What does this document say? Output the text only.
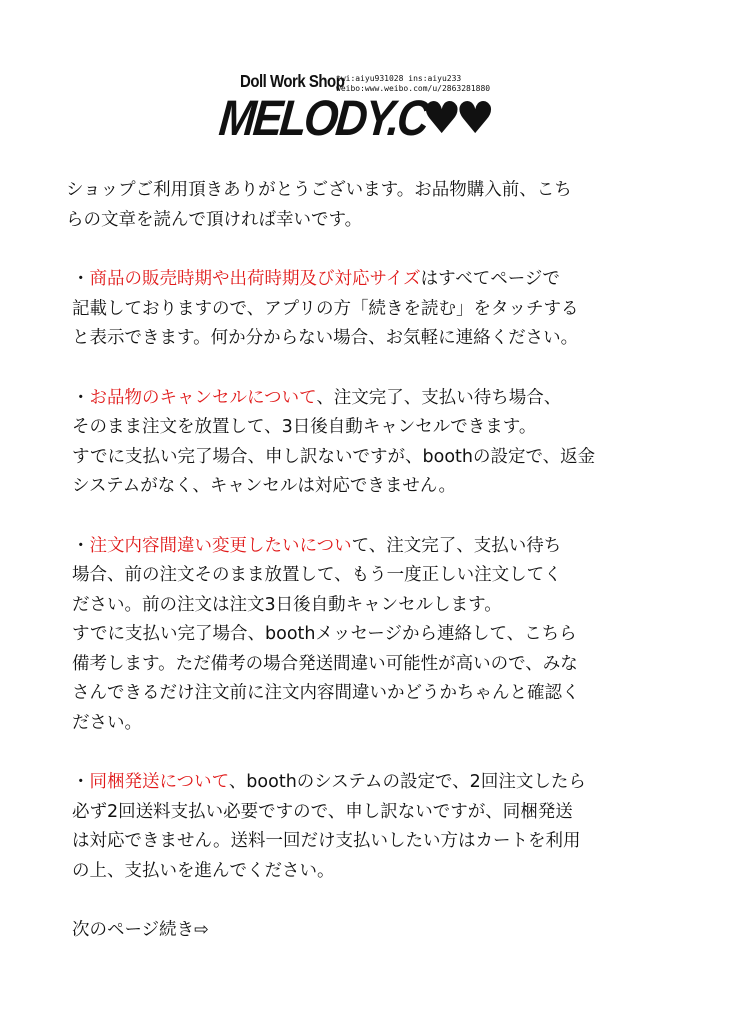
Doll Work Shop
twi:aiyu931028 ins:aiyu233
weibo:www.weibo.com/u/2863281880
MELODY.C
♥♥

ショップご利用頂きありがとうございます。お品物購入前、こち
らの文章を読んで頂ければ幸いです。

・商品の販売時期や出荷時期及び対応サイズはすべてページで
記載しておりますので、アプリの方「続きを読む」をタッチする
と表示できます。何か分からない場合、お気軽に連絡ください。

・お品物のキャンセルについて、注文完了、支払い待ち場合、
そのまま注文を放置して、3日後自動キャンセルできます。
すでに支払い完了場合、申し訳ないですが、boothの設定で、返金
システムがなく、キャンセルは対応できません。

・注文内容間違い変更したいについて、注文完了、支払い待ち
場合、前の注文そのまま放置して、もう一度正しい注文してく
ださい。前の注文は注文3日後自動キャンセルします。
すでに支払い完了場合、boothメッセージから連絡して、こちら
備考します。ただ備考の場合発送間違い可能性が高いので、みな
さんできるだけ注文前に注文内容間違いかどうかちゃんと確認く
ださい。

・同梱発送について、boothのシステムの設定で、2回注文したら
必ず2回送料支払い必要ですので、申し訳ないですが、同梱発送
は対応できません。送料一回だけ支払いしたい方はカートを利用
の上、支払いを進んでください。

次のページ続き⇨
